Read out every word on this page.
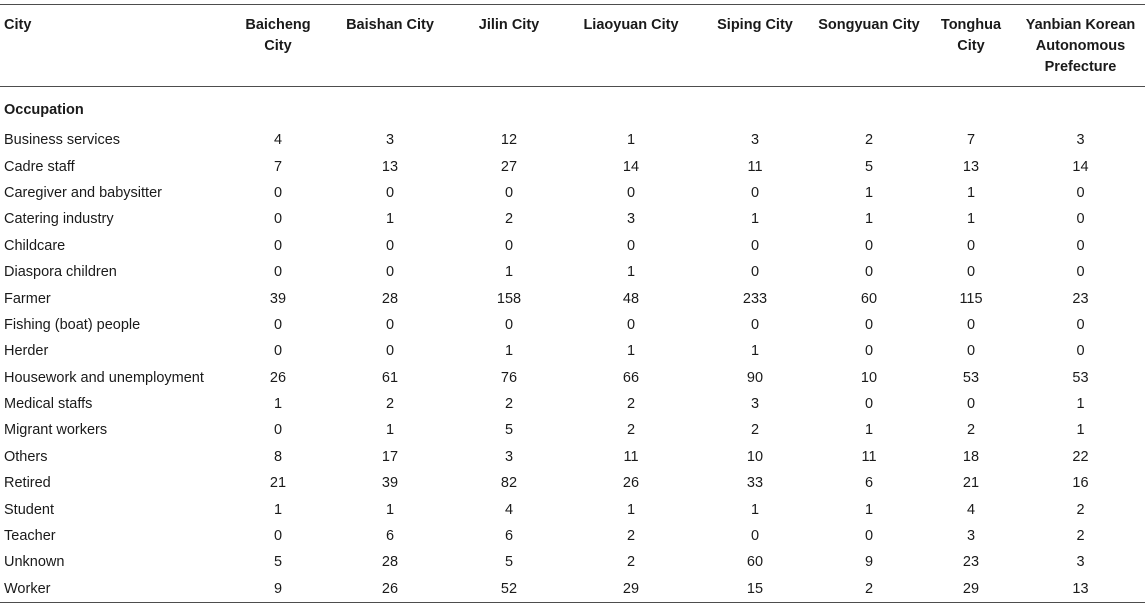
City	Baicheng City	Baishan City	Jilin City	Liaoyuan City	Siping City	Songyuan City	Tonghua City	Yanbian Korean Autonomous Prefecture
Occupation								
Business services	4	3	12	1	3	2	7	3
Cadre staff	7	13	27	14	11	5	13	14
Caregiver and babysitter	0	0	0	0	0	1	1	0
Catering industry	0	1	2	3	1	1	1	0
Childcare	0	0	0	0	0	0	0	0
Diaspora children	0	0	1	1	0	0	0	0
Farmer	39	28	158	48	233	60	115	23
Fishing (boat) people	0	0	0	0	0	0	0	0
Herder	0	0	1	1	1	0	0	0
Housework and unemployment	26	61	76	66	90	10	53	53
Medical staffs	1	2	2	2	3	0	0	1
Migrant workers	0	1	5	2	2	1	2	1
Others	8	17	3	11	10	11	18	22
Retired	21	39	82	26	33	6	21	16
Student	1	1	4	1	1	1	4	2
Teacher	0	6	6	2	0	0	3	2
Unknown	5	28	5	2	60	9	23	3
Worker	9	26	52	29	15	2	29	13
